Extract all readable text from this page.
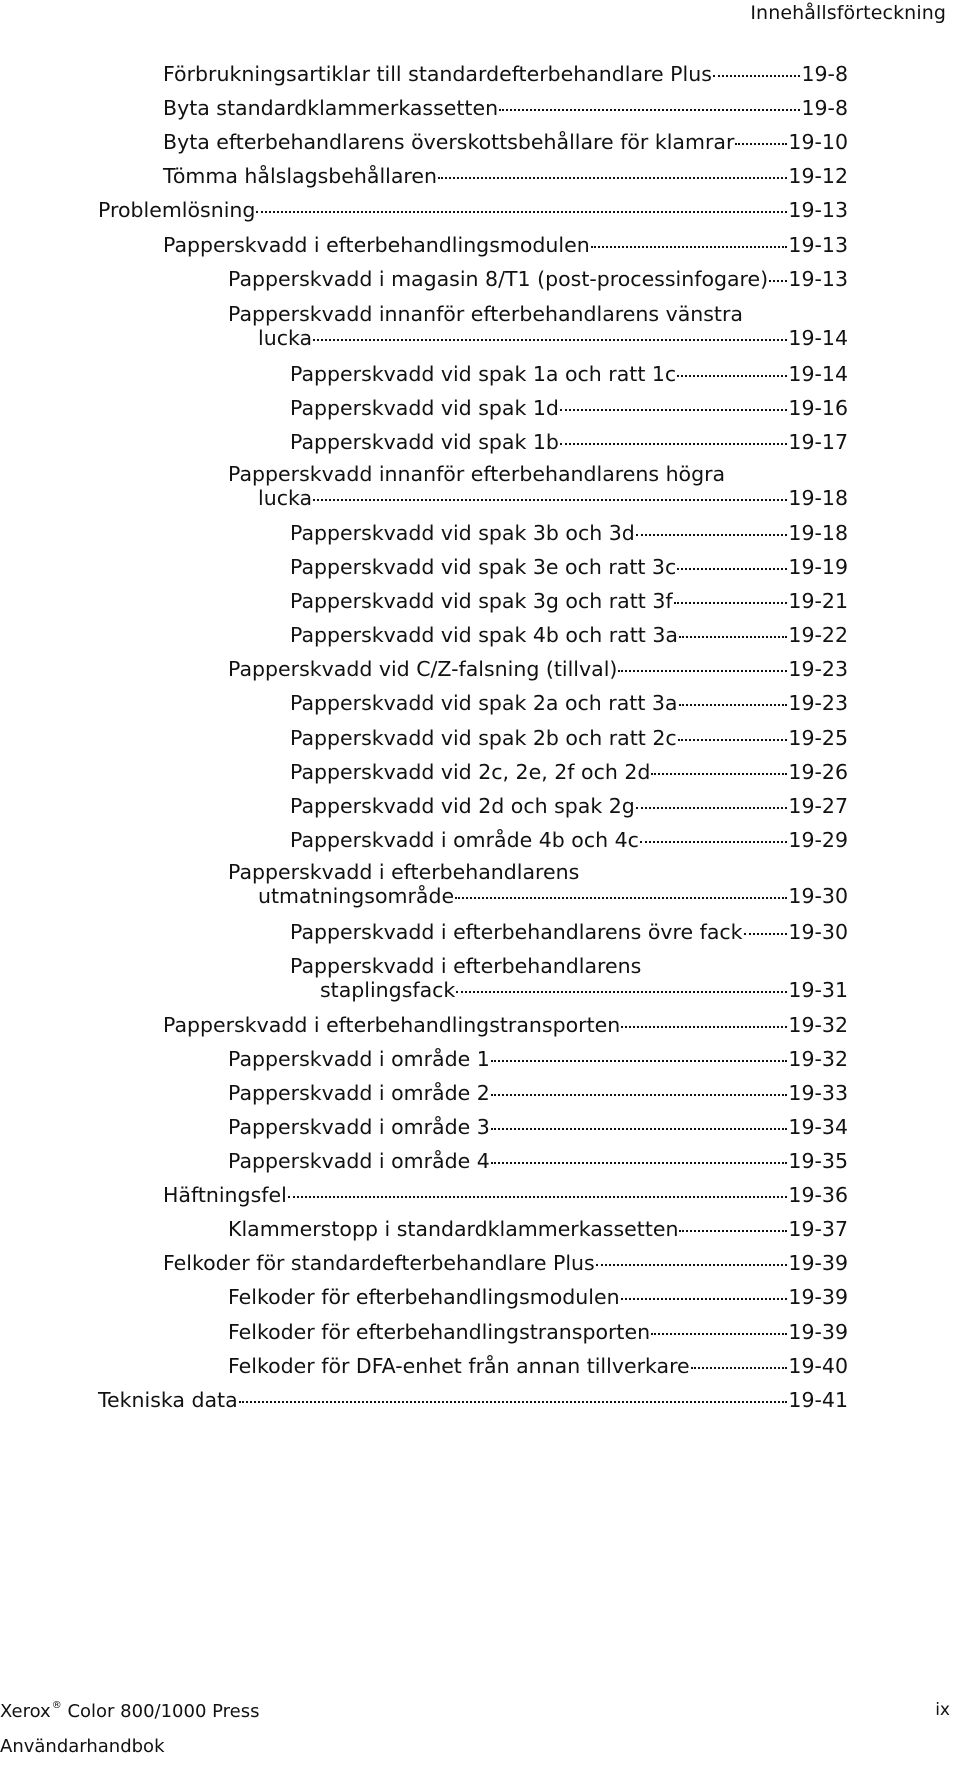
Innehållsförteckning
Förbrukningsartiklar till standardefterbehandlare Plus	19-8
Byta standardklammerkassetten	19-8
Byta efterbehandlarens överskottsbehållare för klamrar	19-10
Tömma hålslagsbehållaren	19-12
Problemlösning	19-13
Papperskvadd i efterbehandlingsmodulen	19-13
Papperskvadd i magasin 8/T1 (post-processinfogare) 19-13
Papperskvadd innanför efterbehandlarens vänstra
lucka	19-14
Papperskvadd vid spak 1a och ratt 1c	19-14
Papperskvadd vid spak 1d	19-16
Papperskvadd vid spak 1b	19-17
Papperskvadd innanför efterbehandlarens högra
lucka	19-18
Papperskvadd vid spak 3b och 3d	19-18
Papperskvadd vid spak 3e och ratt 3c	19-19
Papperskvadd vid spak 3g och ratt 3f	19-21
Papperskvadd vid spak 4b och ratt 3a	19-22
Papperskvadd vid C/Z-falsning (tillval)	19-23
Papperskvadd vid spak 2a och ratt 3a	19-23
Papperskvadd vid spak 2b och ratt 2c	19-25
Papperskvadd vid 2c, 2e, 2f och 2d	19-26
Papperskvadd vid 2d och spak 2g	19-27
Papperskvadd i område 4b och 4c	19-29
Papperskvadd i efterbehandlarens
utmatningsområde	19-30
Papperskvadd i efterbehandlarens övre fack 19-30
Papperskvadd i efterbehandlarens
staplingsfack	19-31
Papperskvadd i efterbehandlingstransporten	19-32
Papperskvadd i område 1	19-32
Papperskvadd i område 2	19-33
Papperskvadd i område 3	19-34
Papperskvadd i område 4	19-35
Häftningsfel	19-36
Klammerstopp i standardklammerkassetten	19-37
Felkoder för standardefterbehandlare Plus	19-39
Felkoder för efterbehandlingsmodulen	19-39
Felkoder för efterbehandlingstransporten	19-39
Felkoder för DFA-enhet från annan tillverkare	19-40
Tekniska data	19-41
Xerox® Color 800/1000 Press
Användarhandbok
ix
